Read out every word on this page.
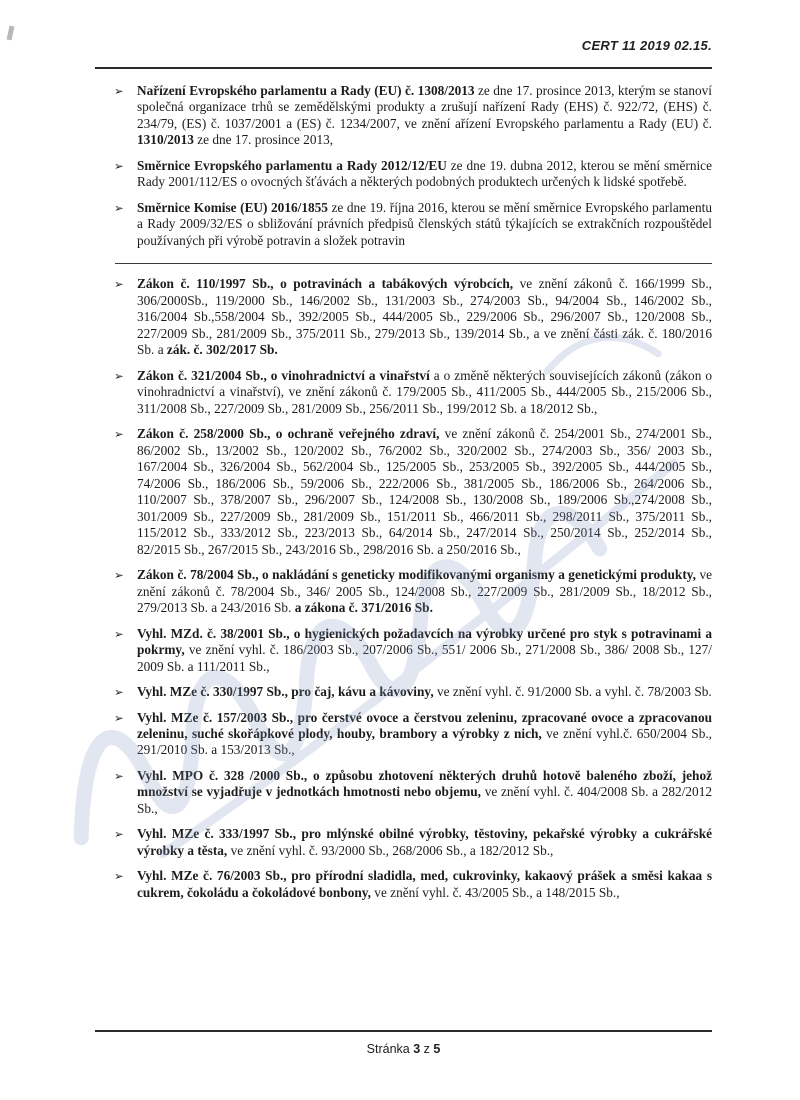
CERT 11 2019 02.15.
➢ Nařízení Evropského parlamentu a Rady (EU) č. 1308/2013 ze dne 17. prosince 2013, kterým se stanoví společná organizace trhů se zemědělskými produkty a zrušují nařízení Rady (EHS) č. 922/72, (EHS) č. 234/79, (ES) č. 1037/2001 a (ES) č. 1234/2007, ve znění ařízení Evropského parlamentu a Rady (EU) č. 1310/2013 ze dne 17. prosince 2013,
➢ Směrnice Evropského parlamentu a Rady 2012/12/EU ze dne 19. dubna 2012, kterou se mění směrnice Rady 2001/112/ES o ovocných šťávách a některých podobných produktech určených k lidské spotřebě.
➢ Směrnice Komise (EU) 2016/1855 ze dne 19. října 2016, kterou se mění směrnice Evropského parlamentu a Rady 2009/32/ES o sbližování právních předpisů členských států týkajících se extrakčních rozpouštědel používaných při výrobě potravin a složek potravin
➢ Zákon č. 110/1997 Sb., o potravinách a tabákových výrobcích, ve znění zákonů č. 166/1999 Sb., 306/2000Sb., 119/2000 Sb., 146/2002 Sb., 131/2003 Sb., 274/2003 Sb., 94/2004 Sb., 146/2002 Sb., 316/2004 Sb.,558/2004 Sb., 392/2005 Sb., 444/2005 Sb., 229/2006 Sb., 296/2007 Sb., 120/2008 Sb., 227/2009 Sb., 281/2009 Sb., 375/2011 Sb., 279/2013 Sb., 139/2014 Sb., a ve znění části zák. č. 180/2016 Sb. a zák. č. 302/2017 Sb.
➢ Zákon č. 321/2004 Sb., o vinohradnictví a vinařství a o změně některých souvisejících zákonů (zákon o vinohradnictví a vinařství), ve znění zákonů č. 179/2005 Sb., 411/2005 Sb., 444/2005 Sb., 215/2006 Sb., 311/2008 Sb., 227/2009 Sb., 281/2009 Sb., 256/2011 Sb., 199/2012 Sb. a 18/2012 Sb.,
➢ Zákon č. 258/2000 Sb., o ochraně veřejného zdraví, ve znění zákonů č. 254/2001 Sb., 274/2001 Sb., 86/2002 Sb., 13/2002 Sb., 120/2002 Sb., 76/2002 Sb., 320/2002 Sb., 274/2003 Sb., 356/ 2003 Sb., 167/2004 Sb., 326/2004 Sb., 562/2004 Sb., 125/2005 Sb., 253/2005 Sb., 392/2005 Sb., 444/2005 Sb., 74/2006 Sb., 186/2006 Sb., 59/2006 Sb., 222/2006 Sb., 381/2005 Sb., 186/2006 Sb., 264/2006 Sb., 110/2007 Sb., 378/2007 Sb., 296/2007 Sb., 124/2008 Sb., 130/2008 Sb., 189/2006 Sb.,274/2008 Sb., 301/2009 Sb., 227/2009 Sb., 281/2009 Sb., 151/2011 Sb., 466/2011 Sb., 298/2011 Sb., 375/2011 Sb., 115/2012 Sb., 333/2012 Sb., 223/2013 Sb., 64/2014 Sb., 247/2014 Sb., 250/2014 Sb., 252/2014 Sb., 82/2015 Sb., 267/2015 Sb., 243/2016 Sb., 298/2016 Sb. a 250/2016 Sb.,
➢ Zákon č. 78/2004 Sb., o nakládání s geneticky modifikovanými organismy a genetickými produkty, ve znění zákonů č. 78/2004 Sb., 346/ 2005 Sb., 124/2008 Sb., 227/2009 Sb., 281/2009 Sb., 18/2012 Sb., 279/2013 Sb. a 243/2016 Sb. a zákona č. 371/2016 Sb.
➢ Vyhl. MZd. č. 38/2001 Sb., o hygienických požadavcích na výrobky určené pro styk s potravinami a pokrmy, ve znění vyhl. č. 186/2003 Sb., 207/2006 Sb., 551/ 2006 Sb., 271/2008 Sb., 386/ 2008 Sb., 127/ 2009 Sb. a 111/2011 Sb.,
➢ Vyhl. MZe č. 330/1997 Sb., pro čaj, kávu a kávoviny, ve znění vyhl. č. 91/2000 Sb. a vyhl. č. 78/2003 Sb.
➢ Vyhl. MZe č. 157/2003 Sb., pro čerstvé ovoce a čerstvou zeleninu, zpracované ovoce a zpracovanou zeleninu, suché skořápkové plody, houby, brambory a výrobky z nich, ve znění vyhl.č. 650/2004 Sb., 291/2010 Sb. a 153/2013 Sb.,
➢ Vyhl. MPO č. 328 /2000 Sb., o způsobu zhotovení některých druhů hotově baleného zboží, jehož množství se vyjadřuje v jednotkách hmotnosti nebo objemu, ve znění vyhl. č. 404/2008 Sb. a 282/2012 Sb.,
➢ Vyhl. MZe č. 333/1997 Sb., pro mlýnské obilné výrobky, těstoviny, pekařské výrobky a cukrářské výrobky a těsta, ve znění vyhl. č. 93/2000 Sb., 268/2006 Sb., a 182/2012 Sb.,
➢ Vyhl. MZe č. 76/2003 Sb., pro přírodní sladidla, med, cukrovinky, kakaový prášek a směsi kakaa s cukrem, čokoládu a čokoládové bonbony, ve znění vyhl. č. 43/2005 Sb., a 148/2015 Sb.,
Stránka 3 z 5
